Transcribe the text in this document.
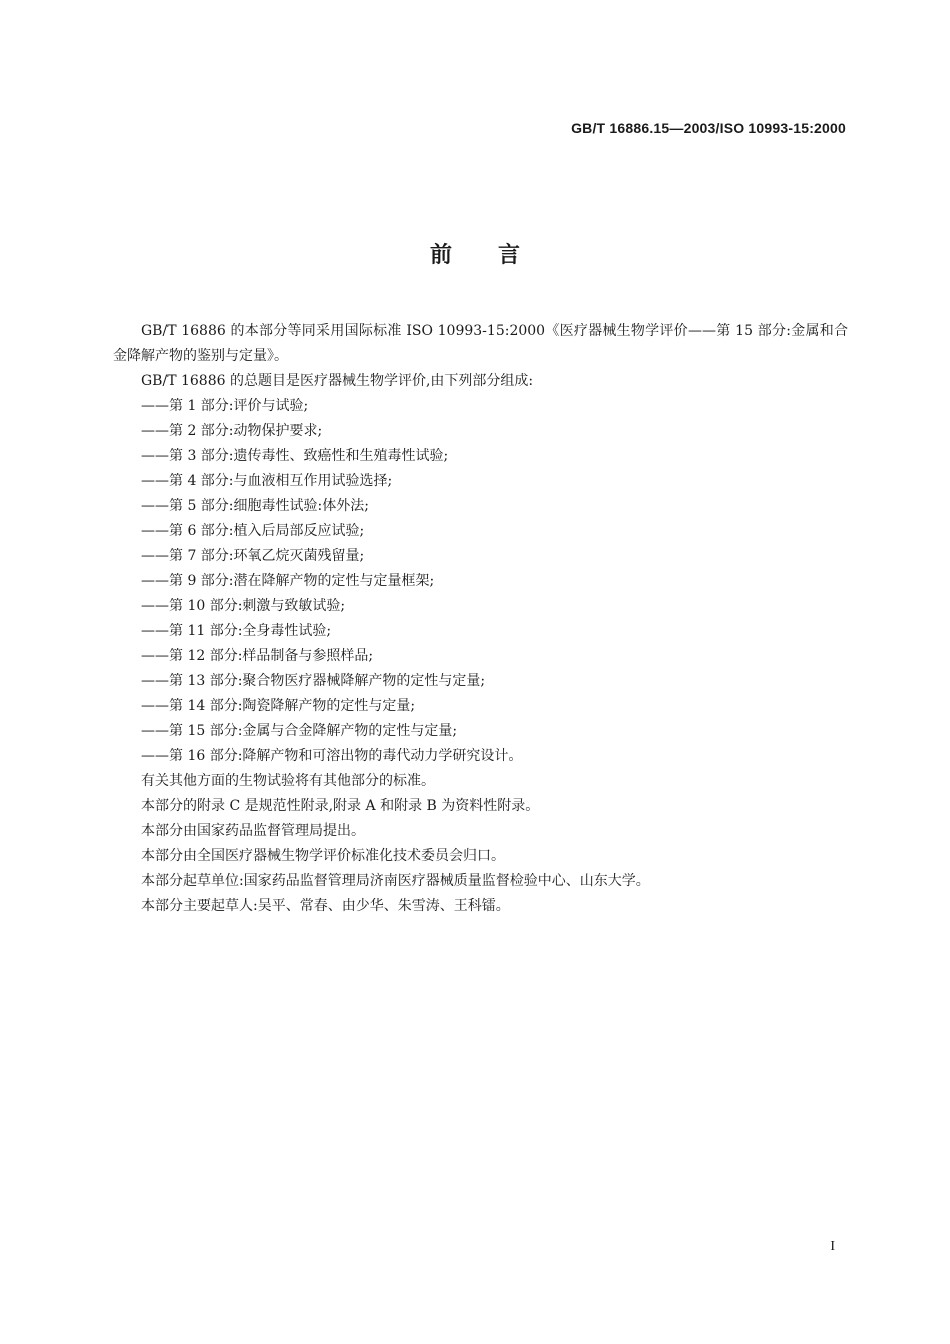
GB/T 16886.15—2003/ISO 10993-15:2000
前言

GB/T 16886 的本部分等同采用国际标准 ISO 10993-15:2000《医疗器械生物学评价——第 15 部分:金属和合金降解产物的鉴别与定量》。

GB/T 16886 的总题目是医疗器械生物学评价,由下列部分组成:

——第 1 部分:评价与试验;
——第 2 部分:动物保护要求;
——第 3 部分:遗传毒性、致癌性和生殖毒性试验;
——第 4 部分:与血液相互作用试验选择;
——第 5 部分:细胞毒性试验:体外法;
——第 6 部分:植入后局部反应试验;
——第 7 部分:环氧乙烷灭菌残留量;
——第 9 部分:潜在降解产物的定性与定量框架;
——第 10 部分:刺激与致敏试验;
——第 11 部分:全身毒性试验;
——第 12 部分:样品制备与参照样品;
——第 13 部分:聚合物医疗器械降解产物的定性与定量;
——第 14 部分:陶瓷降解产物的定性与定量;
——第 15 部分:金属与合金降解产物的定性与定量;
——第 16 部分:降解产物和可溶出物的毒代动力学研究设计。

有关其他方面的生物试验将有其他部分的标准。

本部分的附录 C 是规范性附录,附录 A 和附录 B 为资料性附录。

本部分由国家药品监督管理局提出。

本部分由全国医疗器械生物学评价标准化技术委员会归口。

本部分起草单位:国家药品监督管理局济南医疗器械质量监督检验中心、山东大学。

本部分主要起草人:吴平、常春、由少华、朱雪涛、王科镭。

I
